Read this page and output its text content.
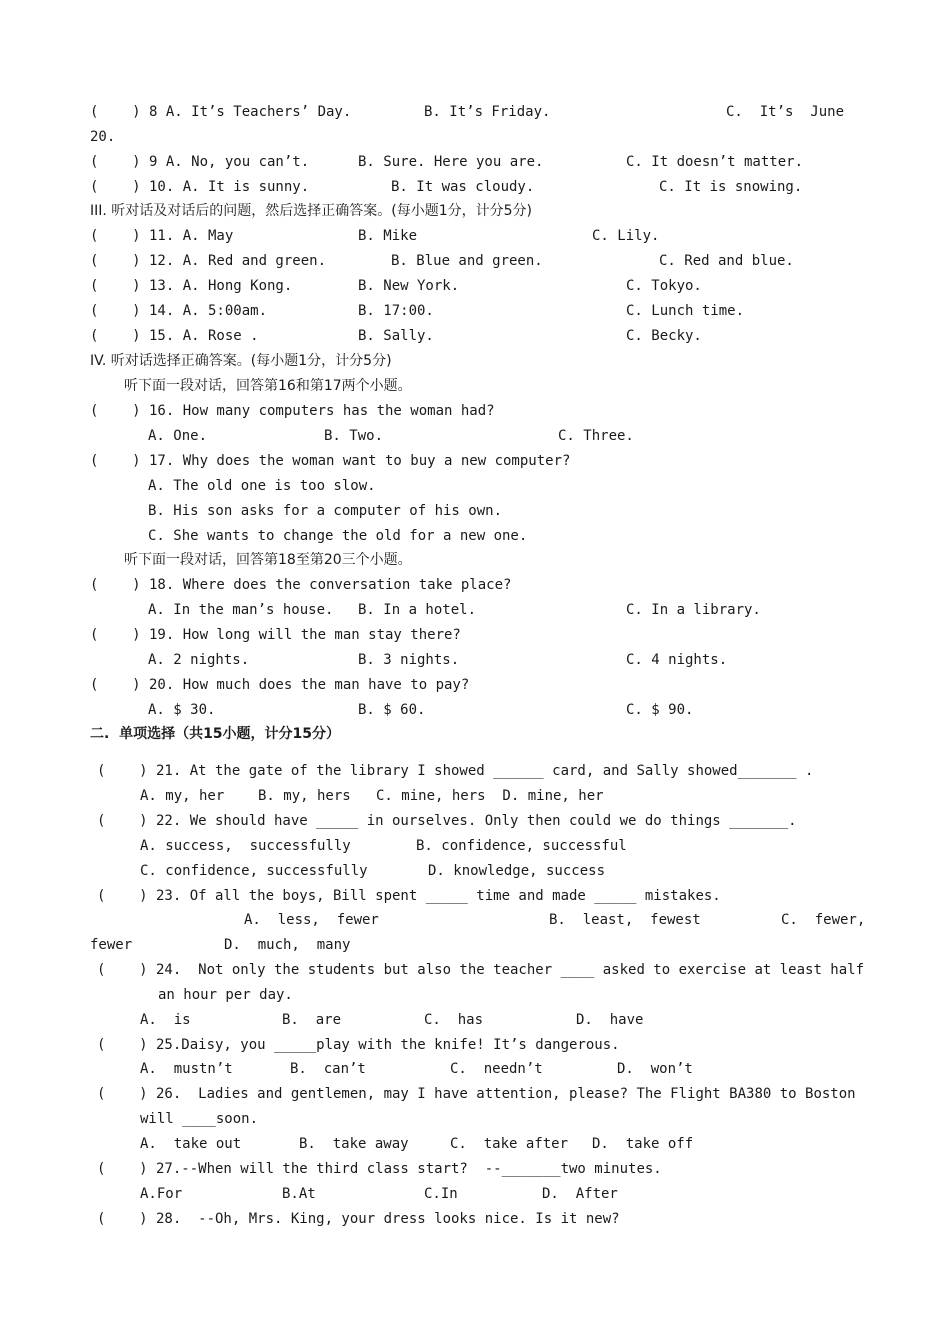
(    ) 8 A. It’s Teachers’ Day.	B. It’s Friday.	C.  It’s  June
20.
(    ) 9 A. No, you can’t.	B. Sure. Here you are.	C. It doesn’t matter.
(    ) 10. A. It is sunny.	B. It was cloudy.	C. It is snowing.
III. 听对话及对话后的问题，然后选择正确答案。(每小题1分，计分5分)
(    ) 11. A. May	B. Mike	C. Lily.
(    ) 12. A. Red and green.	B. Blue and green.	C. Red and blue.
(    ) 13. A. Hong Kong.	B. New York.	C. Tokyo.
(    ) 14. A. 5:00am.	B. 17:00.	C. Lunch time.
(    ) 15. A. Rose .	B. Sally.	C. Becky.
IV. 听对话选择正确答案。(每小题1分，计分5分)
听下面一段对话，回答第16和第17两个小题。
(    ) 16. How many computers has the woman had?
A. One.	B. Two.	C. Three.
(    ) 17. Why does the woman want to buy a new computer?
A. The old one is too slow.
B. His son asks for a computer of his own.
C. She wants to change the old for a new one.
听下面一段对话，回答第18至第20三个小题。
(    ) 18. Where does the conversation take place?
A. In the man’s house. B. In a hotel.	C. In a library.
(    ) 19. How long will the man stay there?
A. 2 nights.	B. 3 nights.	C. 4 nights.
(    ) 20. How much does the man have to pay?
A. $ 30.	B. $ 60.	C. $ 90.
二.  单项选择（共15小题，计分15分）
(    ) 21. At the gate of the library I showed ______ card, and Sally showed_______ .
A. my, her    B. my, hers   C. mine, hers  D. mine, her
(    ) 22. We should have _____ in ourselves. Only then could we do things _______.
A. success,  successfully	B. confidence, successful
C. confidence, successfully	D. knowledge, success
(    ) 23. Of all the boys, Bill spent _____ time and made _____ mistakes.
A.  less,  fewer	B.  least,  fewest	C.  fewer,
fewer	D.  much,  many
(    ) 24.  Not only the students but also the teacher ____ asked to exercise at least half
an hour per day.
A.  is	B.  are	C.  has	D.  have
(    ) 25.Daisy, you _____play with the knife! It’s dangerous.
A.  mustn’t	B.  can’t	C.  needn’t	D.  won’t
(    ) 26.  Ladies and gentlemen, may I have attention, please? The Flight BA380 to Boston
will ____soon.
A.  take out	B.  take away	C.  take after D.  take off
(    ) 27.--When will the third class start?  --_______two minutes.
A.For	B.At	C.In	D.  After
(    ) 28.  --Oh, Mrs. King, your dress looks nice. Is it new?
